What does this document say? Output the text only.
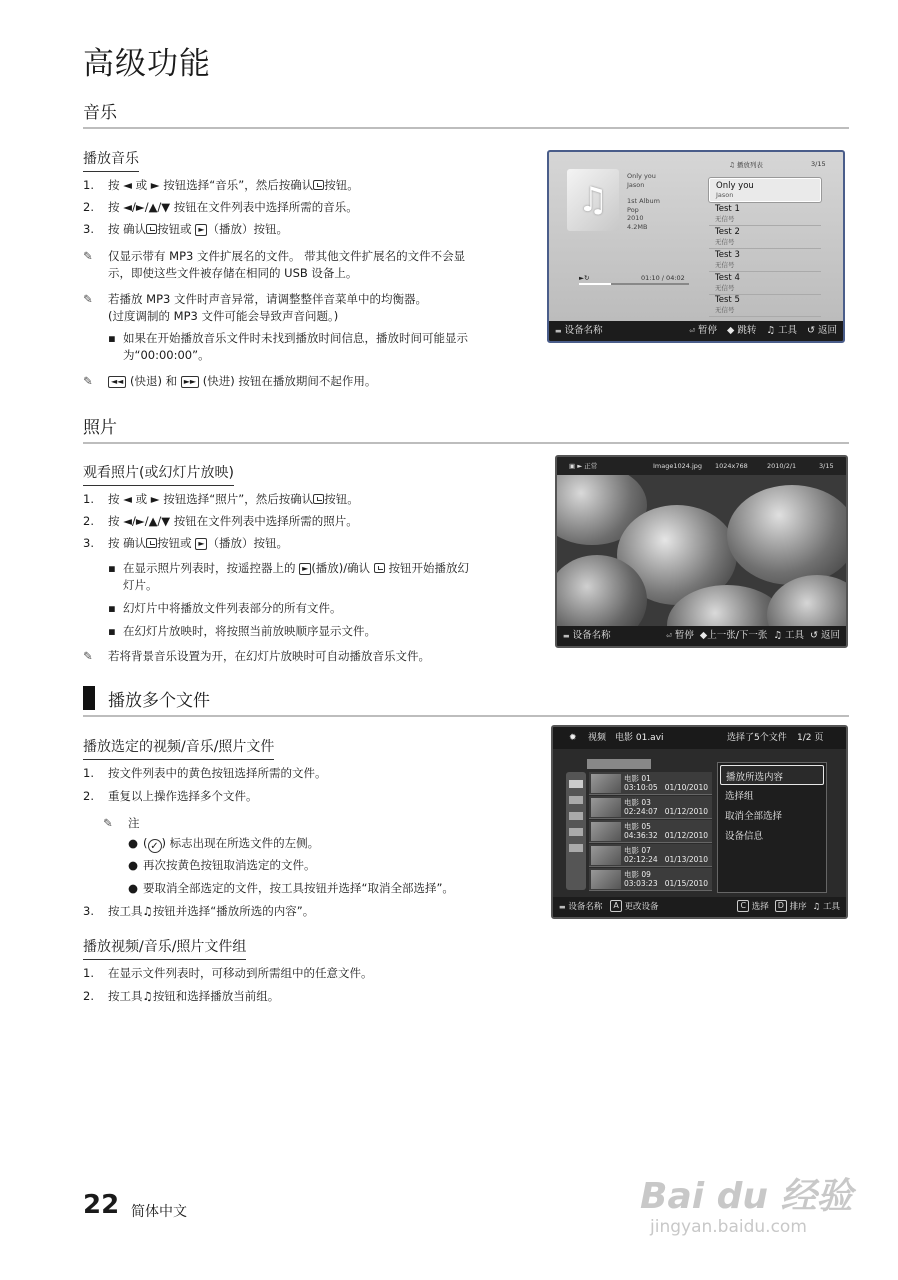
高级功能
音乐
播放音乐
1. 按 ◄ 或 ► 按钮选择“音乐”，然后按确认 按钮。
2. 按 ◄/►/▲/▼ 按钮在文件列表中选择所需的音乐。
3. 按 确认 按钮或 ► （播放）按钮。
✎ 仅显示带有 MP3 文件扩展名的文件。 带其他文件扩展名的文件不会显
示，即使这些文件被存储在相同的 USB 设备上。
✎ 若播放 MP3 文件时声音异常，请调整整伴音菜单中的均衡器。
(过度调制的 MP3 文件可能会导致声音问题。)
▪ 如果在开始播放音乐文件时未找到播放时间信息，播放时间可能显示
为“00:00:00”。
✎ ◄◄ (快退) 和 ►► (快进) 按钮在播放期间不起作用。
♫ 播放列表	3/15
♫
Only you
Jason
1st Album
Pop
2010
4.2MB
►↻	01:10 / 04:02
Only you
Jason
Test 1
无信号
Test 2
无信号
Test 3
无信号
Test 4
无信号
Test 5
无信号
▬ 设备名称	⏎ 暂停 ◆ 跳转 ♫ 工具 ↺ 返回
照片
观看照片(或幻灯片放映)
1. 按 ◄ 或 ► 按钮选择“照片”，然后按确认 按钮。
2. 按 ◄/►/▲/▼ 按钮在文件列表中选择所需的照片。
3. 按 确认 按钮或 ► （播放）按钮。
▪ 在显示照片列表时，按遥控器上的 ► (播放)/确认 按钮开始播放幻
灯片。
▪ 幻灯片中将播放文件列表部分的所有文件。
▪ 在幻灯片放映时，将按照当前放映顺序显示文件。
✎ 若将背景音乐设置为开，在幻灯片放映时可自动播放音乐文件。
▣ ► 正常	Image1024.jpg 1024x768	2010/2/1	3/15
▬ 设备名称	⏎ 暂停 ◆上一张/下一张 ♫ 工具 ↺ 返回
播放多个文件
播放选定的视频/音乐/照片文件
1. 按文件列表中的黄色按钮选择所需的文件。
2. 重复以上操作选择多个文件。
✎ 注
● ( ✓ ) 标志出现在所选文件的左侧。
● 再次按黄色按钮取消选定的文件。
● 要取消全部选定的文件，按工具按钮并选择“取消全部选择”。
3. 按工具♫按钮并选择“播放所选的内容”。
播放视频/音乐/照片文件组
1. 在显示文件列表时，可移动到所需组中的任意文件。
2. 按工具♫按钮和选择播放当前组。
✹ 视频 电影 01.avi	选择了5个文件 1/2 页
电影 01
03:10:05 01/10/2010
电影 03
02:24:07 01/12/2010
电影 05
04:36:32 01/12/2010
电影 07
02:12:24 01/13/2010
电影 09
03:03:23 01/15/2010
播放所选内容
选择组
取消全部选择
设备信息
▬ 设备名称	A 更改设备	C 选择	D 排序 ♫ 工具
22 简体中文	Bai du 经验
jingyan.baidu.com
